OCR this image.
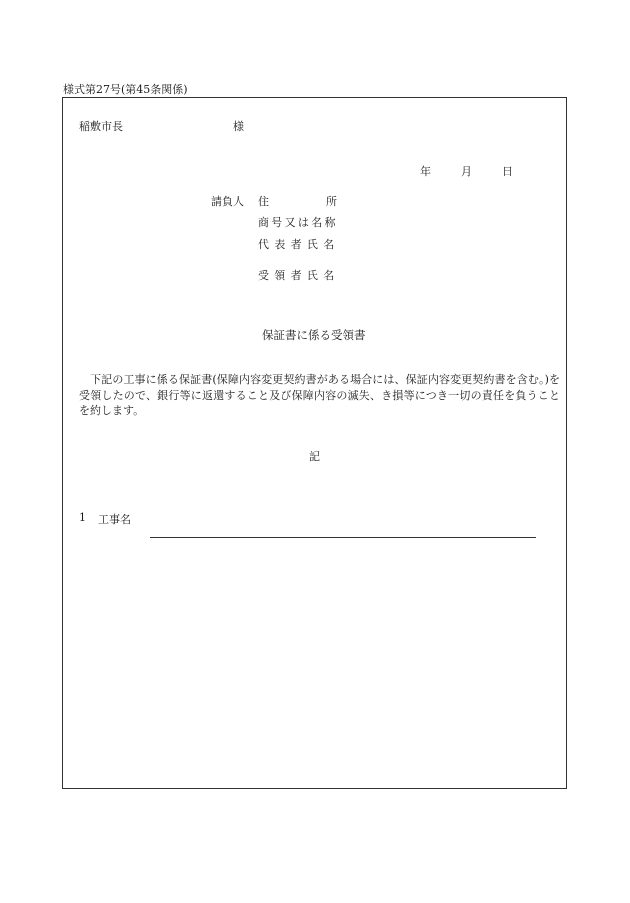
様式第27号(第45条関係)
稲敷市長	様
年	月	日
請負人 住	所
商号又は名称
代表者氏名
受領者氏名
保証書に係る受領書
下記の工事に係る保証書(保障内容変更契約書がある場合には、保証内容変更契約書を含む。)を受領したので、銀行等に返還すること及び保障内容の滅失、き損等につき一切の責任を負うことを約します。
記
1 工事名
